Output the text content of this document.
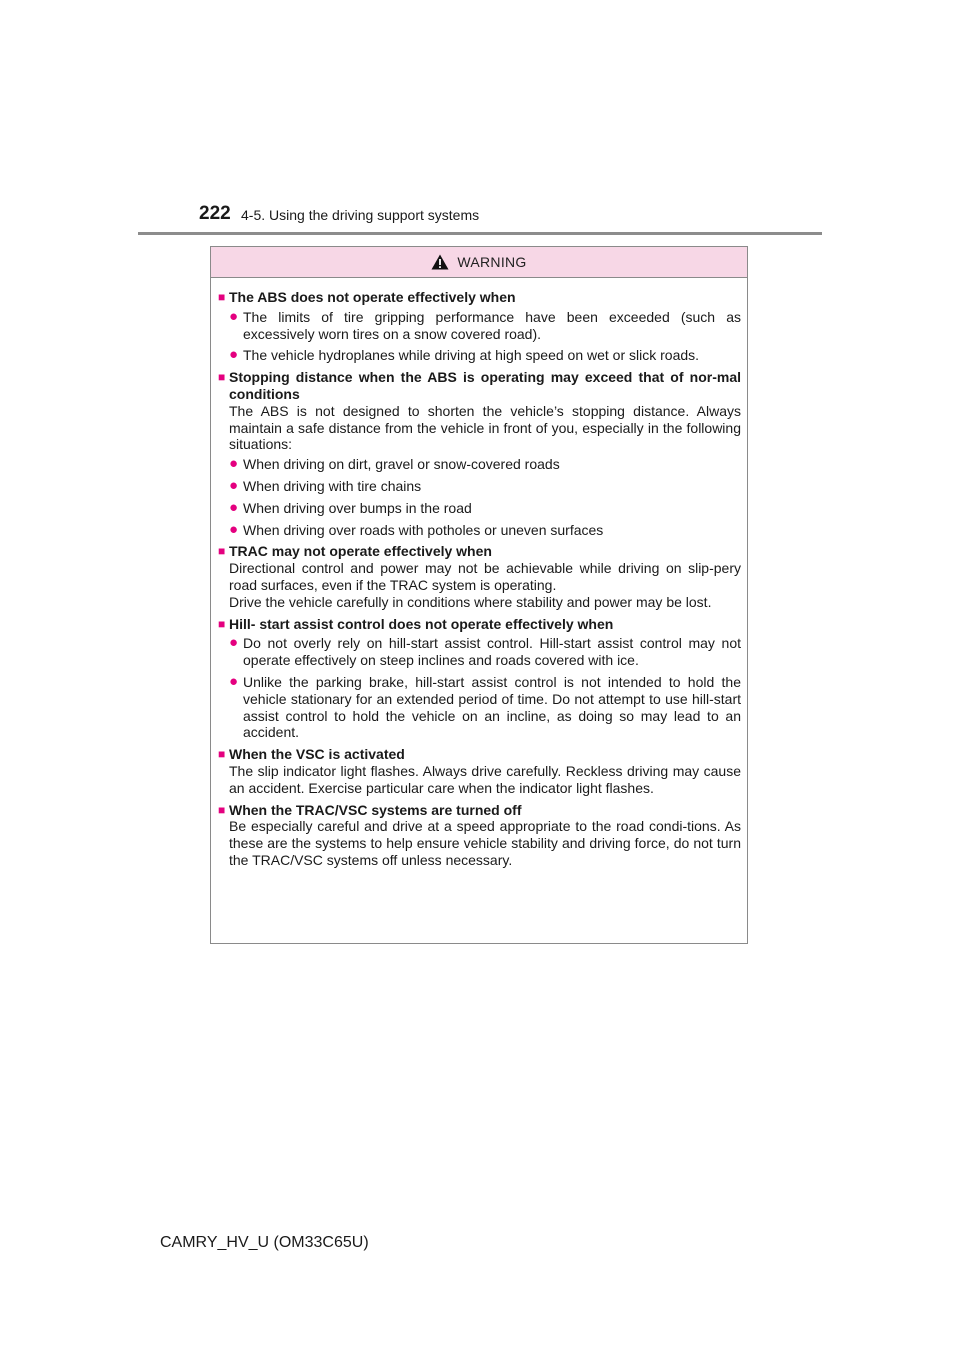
222 4-5. Using the driving support systems
WARNING
■ The ABS does not operate effectively when
● The limits of tire gripping performance have been exceeded (such as excessively worn tires on a snow covered road).
● The vehicle hydroplanes while driving at high speed on wet or slick roads.
■ Stopping distance when the ABS is operating may exceed that of nor-mal conditions
The ABS is not designed to shorten the vehicle’s stopping distance. Always maintain a safe distance from the vehicle in front of you, especially in the following situations:
● When driving on dirt, gravel or snow-covered roads
● When driving with tire chains
● When driving over bumps in the road
● When driving over roads with potholes or uneven surfaces
■ TRAC may not operate effectively when
Directional control and power may not be achievable while driving on slip-pery road surfaces, even if the TRAC system is operating.
Drive the vehicle carefully in conditions where stability and power may be lost.
■ Hill- start assist control does not operate effectively when
● Do not overly rely on hill-start assist control. Hill-start assist control may not operate effectively on steep inclines and roads covered with ice.
● Unlike the parking brake, hill-start assist control is not intended to hold the vehicle stationary for an extended period of time. Do not attempt to use hill-start assist control to hold the vehicle on an incline, as doing so may lead to an accident.
■ When the VSC is activated
The slip indicator light flashes. Always drive carefully. Reckless driving may cause an accident. Exercise particular care when the indicator light flashes.
■ When the TRAC/VSC systems are turned off
Be especially careful and drive at a speed appropriate to the road condi-tions. As these are the systems to help ensure vehicle stability and driving force, do not turn the TRAC/VSC systems off unless necessary.
CAMRY_HV_U (OM33C65U)
